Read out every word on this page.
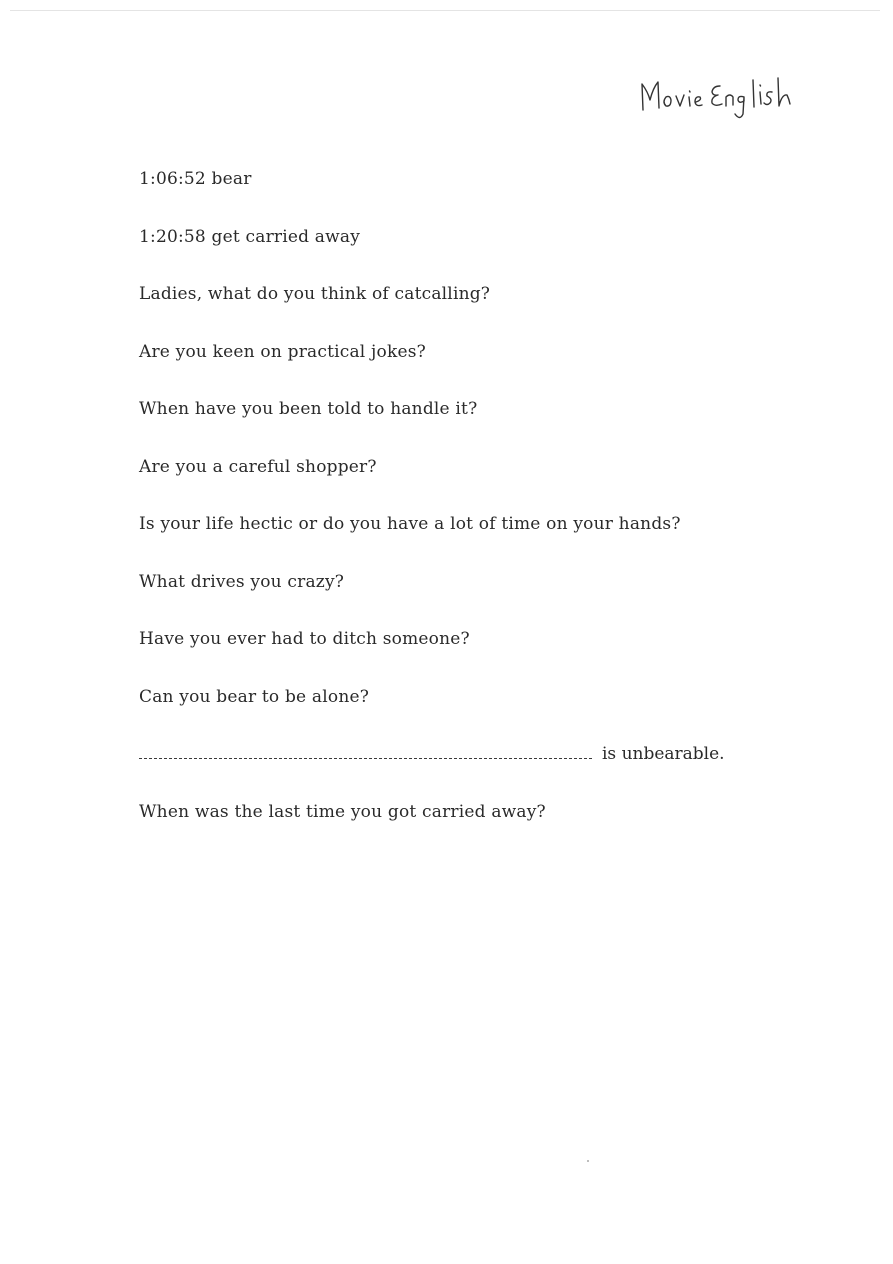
1:06:52 bear
1:20:58 get carried away
Ladies, what do you think of catcalling?
Are you keen on practical jokes?
When have you been told to handle it?
Are you a careful shopper?
Is your life hectic or do you have a lot of time on your hands?
What drives you crazy?
Have you ever had to ditch someone?
Can you bear to be alone?
is unbearable.
When was the last time you got carried away?
